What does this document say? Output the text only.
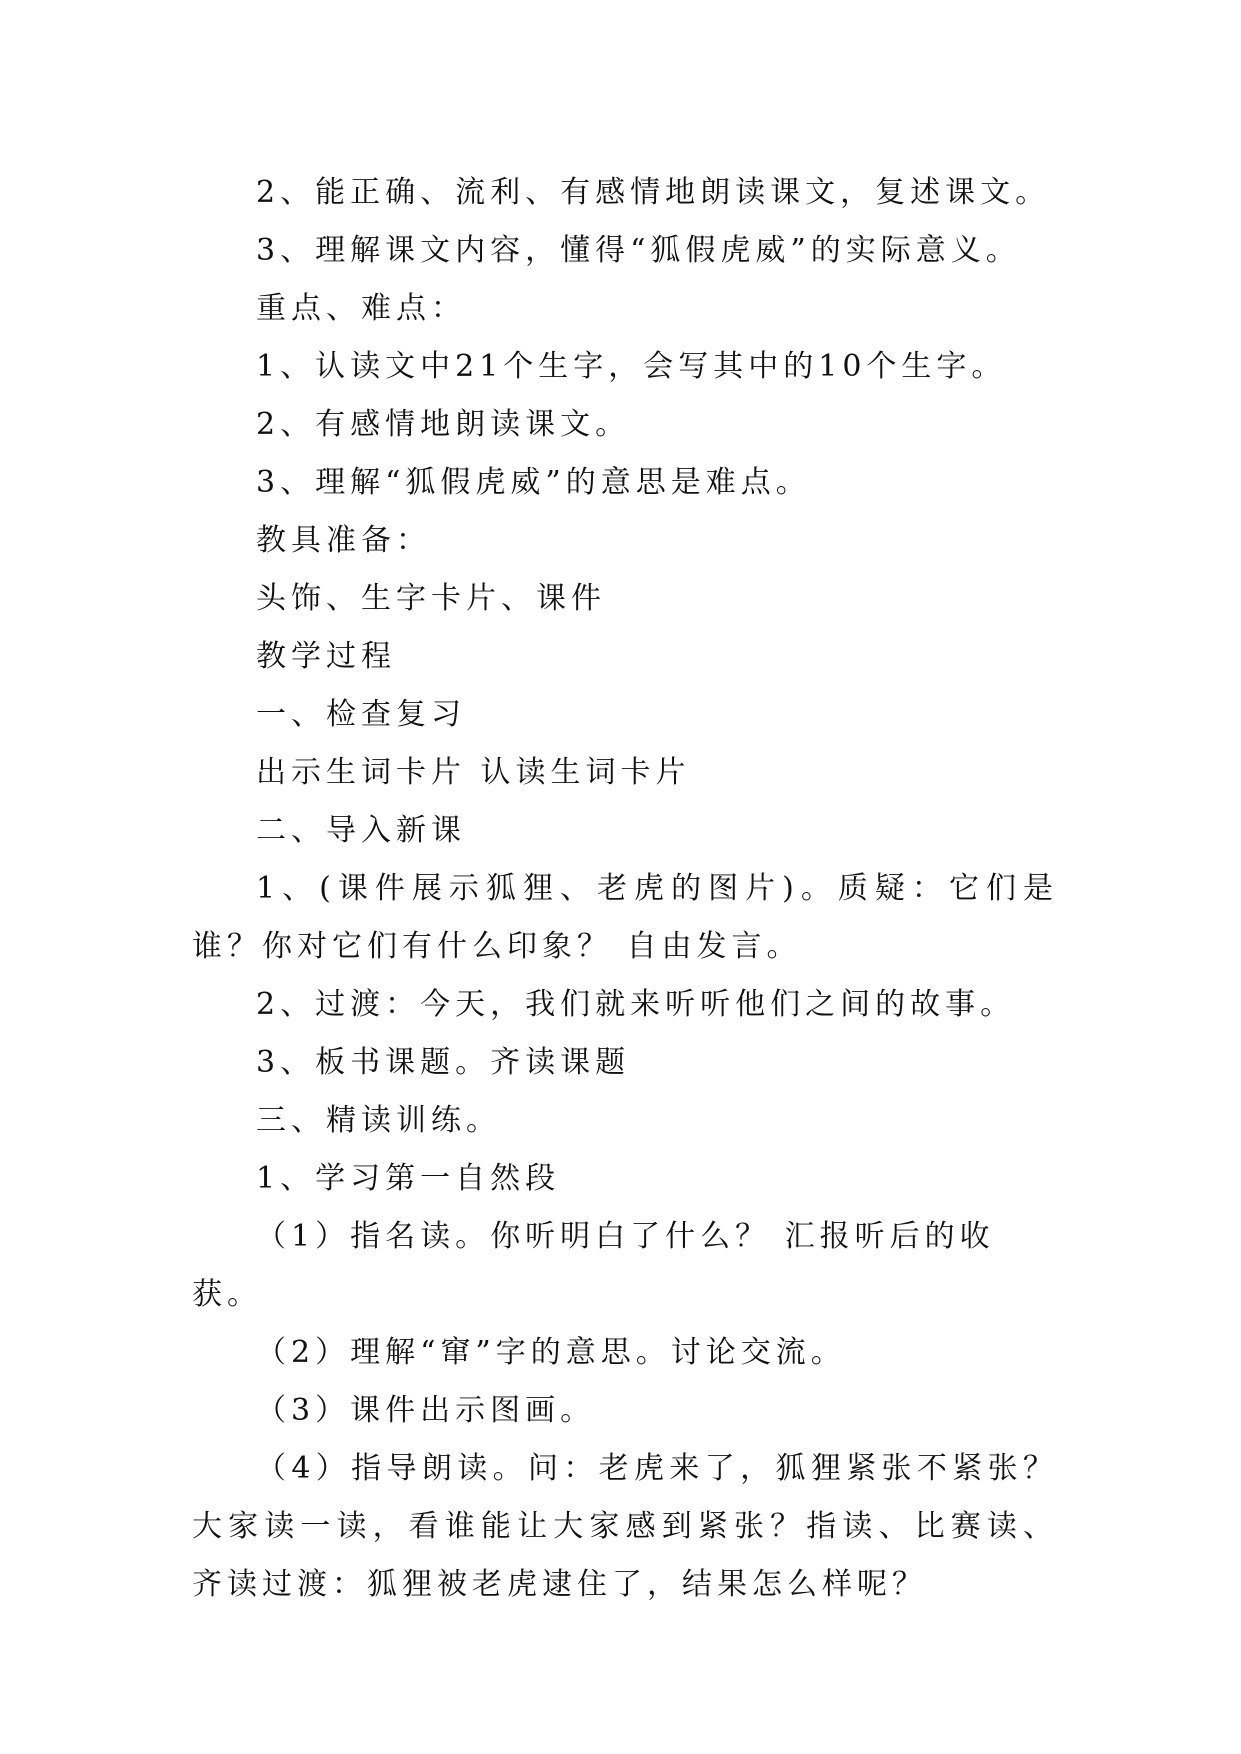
2、能正确、流利、有感情地朗读课文，复述课文。

3、理解课文内容，懂得“狐假虎威”的实际意义。

重点、难点：

1、认读文中21个生字，会写其中的10个生字。

2、有感情地朗读课文。

3、理解“狐假虎威”的意思是难点。

教具准备：

头饰、生字卡片、课件

教学过程

一、检查复习

出示生词卡片 认读生词卡片

二、导入新课

1、(课件展示狐狸、老虎的图片)。质疑：它们是谁？你对它们有什么印象？ 自由发言。

2、过渡：今天，我们就来听听他们之间的故事。

3、板书课题。齐读课题

三、精读训练。

1、学习第一自然段

（1）指名读。你听明白了什么？ 汇报听后的收获。

（2）理解“窜”字的意思。讨论交流。

（3）课件出示图画。

（4）指导朗读。问：老虎来了，狐狸紧张不紧张？大家读一读，看谁能让大家感到紧张？指读、比赛读、齐读过渡：狐狸被老虎逮住了，结果怎么样呢？
